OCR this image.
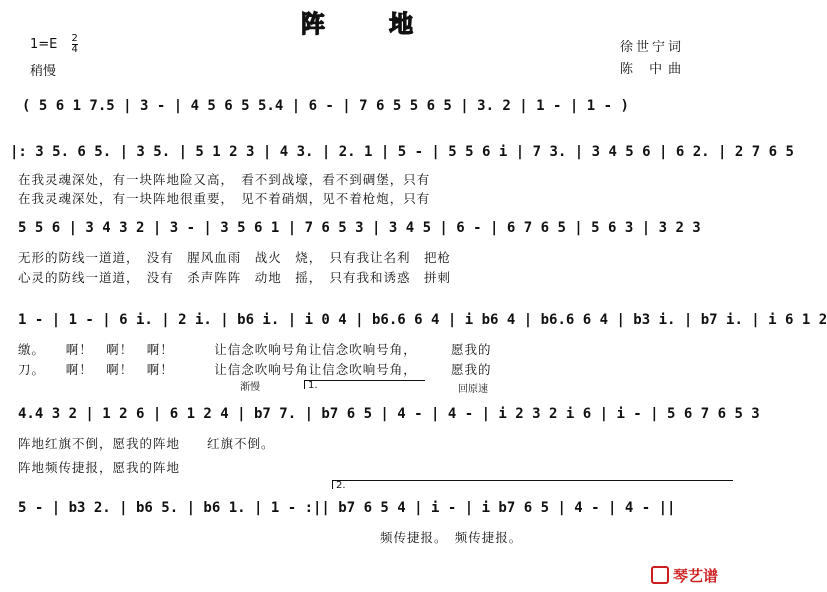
阵 地
$1=E \frac{2}{4}$
稍慢
徐世宁词
陈 中曲
( 5 6 1 7.5 | 3 - | 4 5 6 5 5.4 | 6 - | 7 6 5 5 6 5 | 3. 2 | 1 - | 1 - )
|: 3 5. 6 5. | 3 5. | 5 1 2 3 | 4 3. | 2. 1 | 5 - | 5 5 6 i | 7 3. | 3 4 5 6 | 6 2. | 2 7 6 5
在我灵魂深处，有一块阵地险又高，　看不到战壕，看不到碉堡，只有
在我灵魂深处，有一块阵地很重要，　见不着硝烟，见不着枪炮，只有
5 5 6 | 3 4 3 2 | 3 - | 3 5 6 1 | 7 6 5 3 | 3 4 5 | 6 - | 6 7 6 5 | 5 6 3 | 3 2 3
无形的防线一道道，　没有　腥风血雨　战火　烧，　只有我让名利　把枪
心灵的防线一道道，　没有　杀声阵阵　动地　摇，　只有我和诱惑　拼刺
1 - | 1 - | 6 i. | 2 i. | b6 i. | i 0 4 | b6.6 6 4 | i b6 4 | b6.6 6 4 | b3 i. | b7 i. | i 6 1 2
缴。　　啊！　啊！　啊！　　　让信念吹响号角让信念吹响号角，　　　愿我的
刀。　　啊！　啊！　啊！　　　让信念吹响号角让信念吹响号角，　　　愿我的
渐慢	1.	回原速
4.4 3 2 | 1 2 6 | 6 1 2 4 | b7 7. | b7 6 5 | 4 - | 4 - | i 2 3 2 i 6 | i - | 5 6 7 6 5 3
阵地红旗不倒，愿我的阵地　　红旗不倒。
阵地频传捷报，愿我的阵地
2.
5 - | b3 2. | b6 5. | b6 1. | 1 - :|| b7 6 5 4 | i - | i b7 6 5 | 4 - | 4 - ||
频传捷报。　频传捷报。
琴艺谱
